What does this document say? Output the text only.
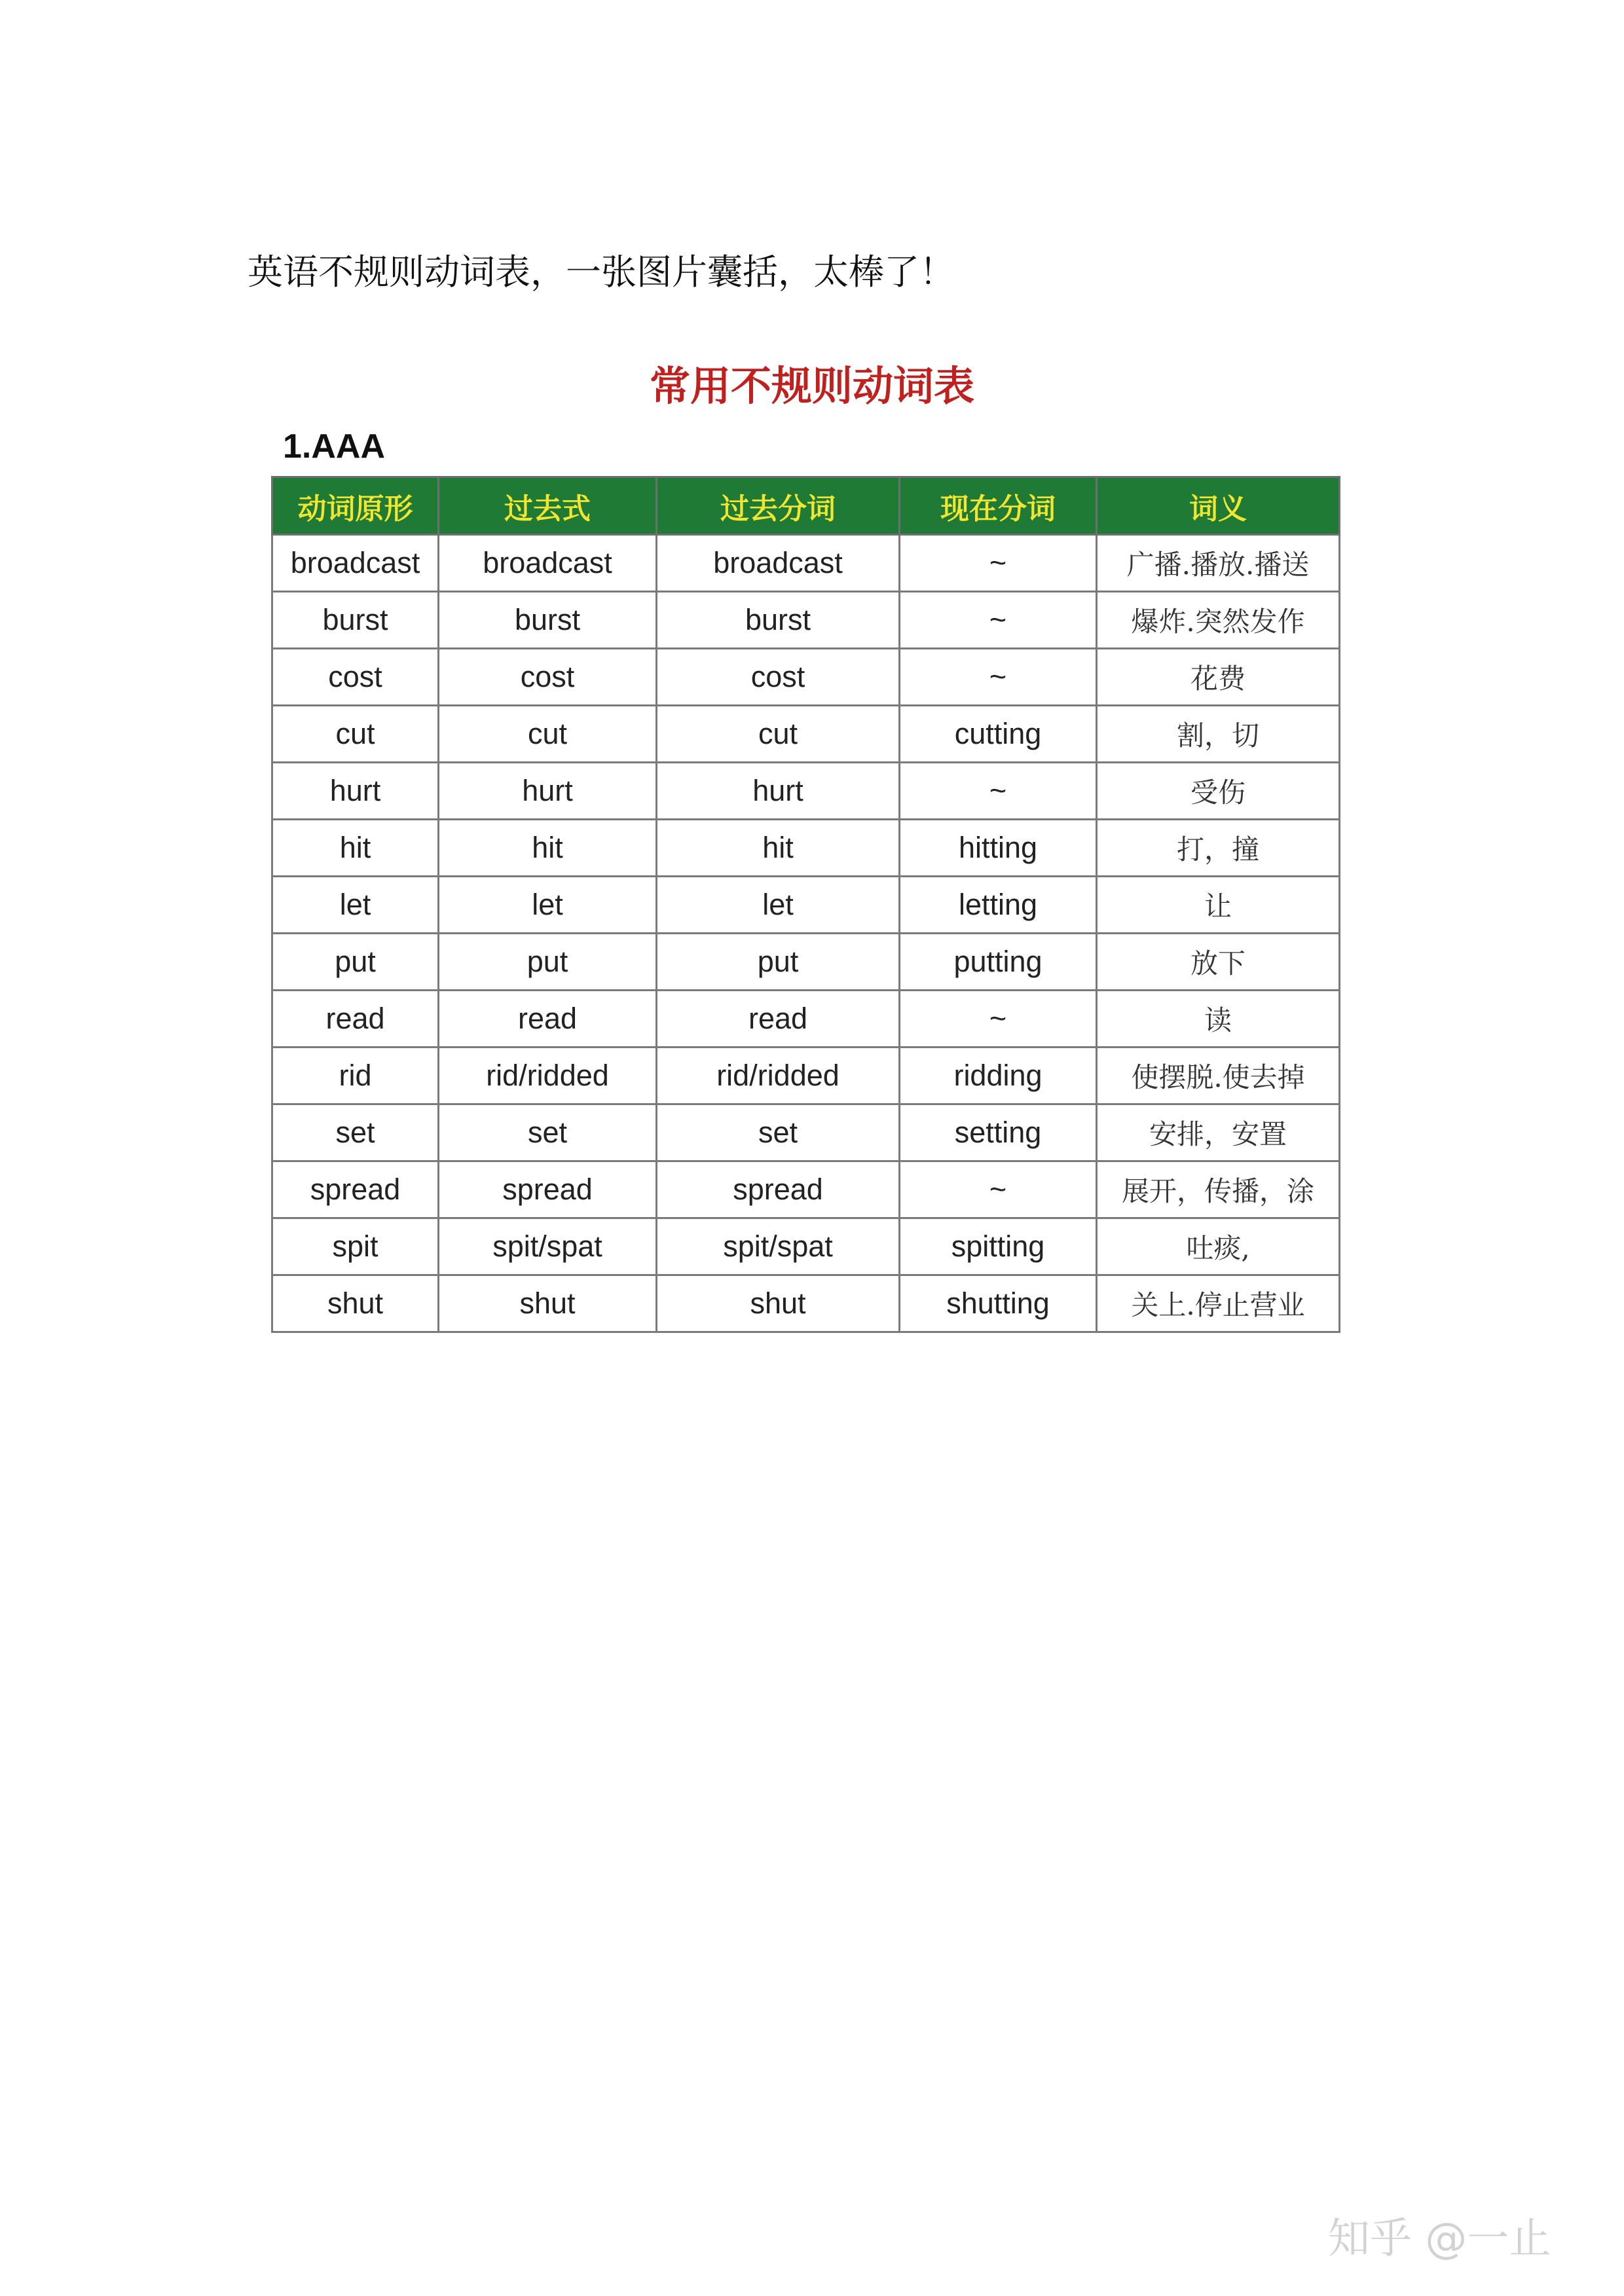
英语不规则动词表，一张图片囊括，太棒了！
常用不规则动词表
1.AAA
动词原形	过去式	过去分词	现在分词	词义
broadcast	broadcast	broadcast	~	广播.播放.播送
burst	burst	burst	~	爆炸.突然发作
cost	cost	cost	~	花费
cut	cut	cut	cutting	割，切
hurt	hurt	hurt	~	受伤
hit	hit	hit	hitting	打，撞
let	let	let	letting	让
put	put	put	putting	放下
read	read	read	~	读
rid	rid/ridded	rid/ridded	ridding	使摆脱.使去掉
set	set	set	setting	安排，安置
spread	spread	spread	~	展开，传播，涂
spit	spit/spat	spit/spat	spitting	吐痰,
shut	shut	shut	shutting	关上.停止营业
知乎 @一止
